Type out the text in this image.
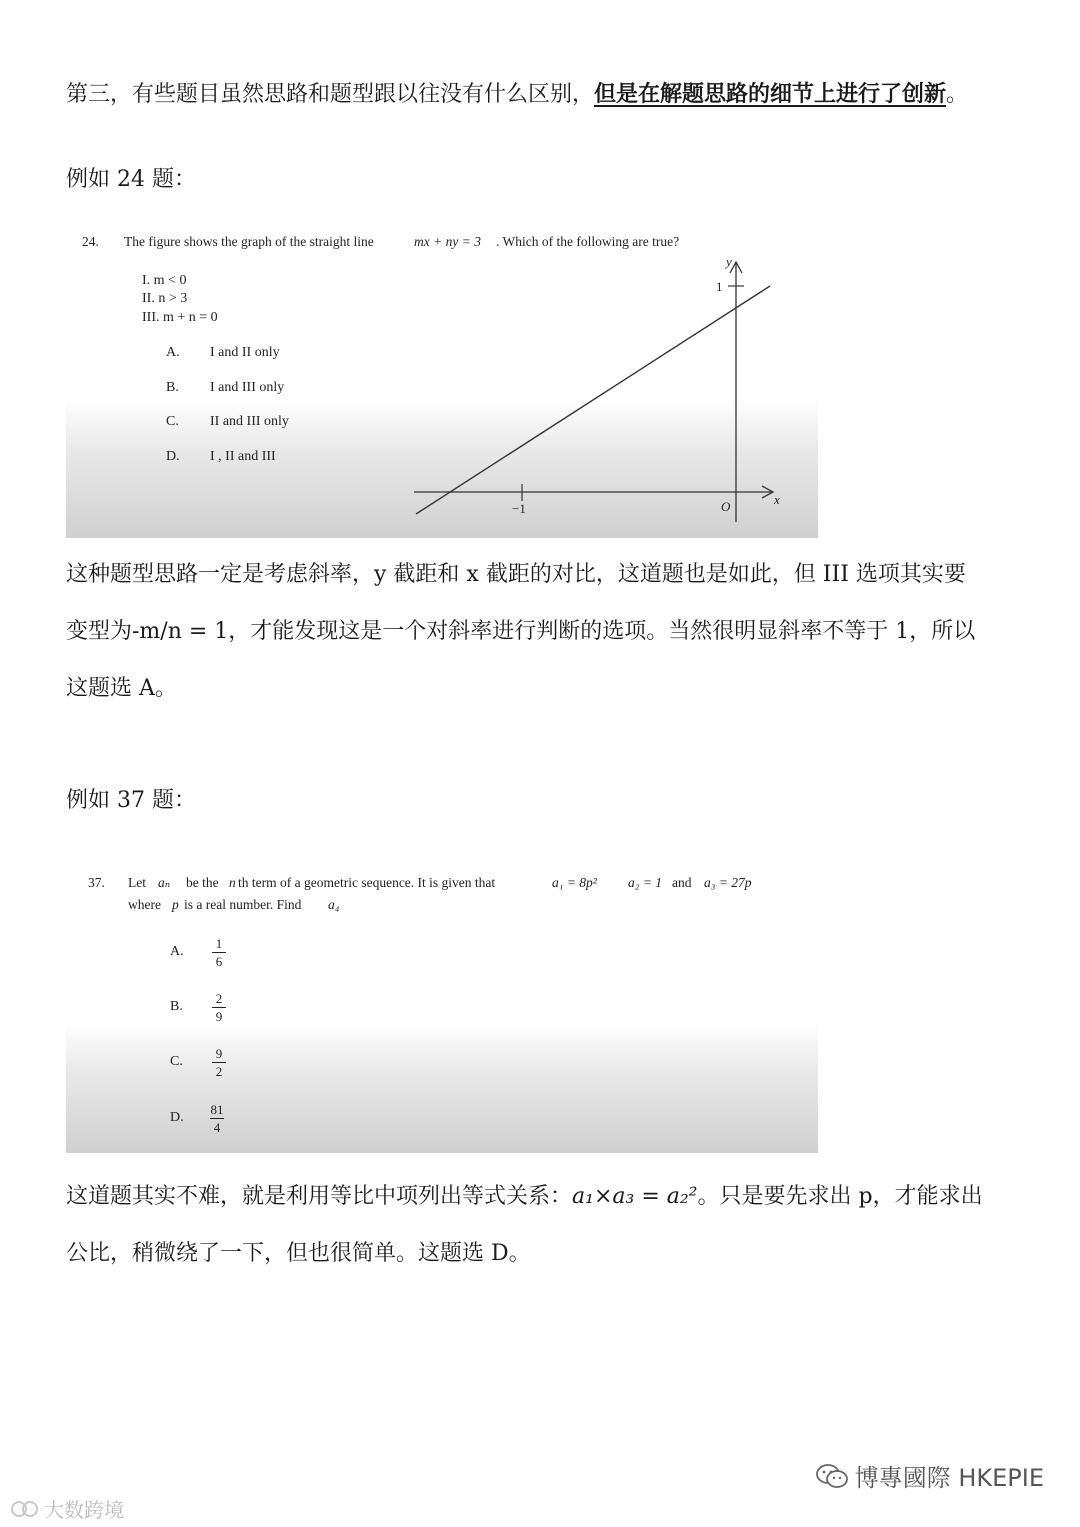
第三，有些题目虽然思路和题型跟以往没有什么区别，但是在解题思路的细节上进行了创新。

例如 24 题：

24. The figure shows the graph of the straight line	mx + ny = 3 . Which of the following are true?
I. m < 0
II. n > 3
III. m + n = 0
A. I and II only
B. I and III only
C. II and III only
D. I , II and III
y
x
1
−1	O

这种题型思路一定是考虑斜率，y 截距和 x 截距的对比，这道题也是如此，但 III 选项其实要

变型为-m/n = 1，才能发现这是一个对斜率进行判断的选项。当然很明显斜率不等于 1，所以

这题选 A。

例如 37 题：

37. Let aₙ be the n th term of a geometric sequence. It is given that	a₁ = 8p² a₂ = 1 and a₃ = 27p
where p is a real number. Find a₄
A.
1
6
B.
2
9
C.
9
2
D.
81
4

这道题其实不难，就是利用等比中项列出等式关系：a₁×a₃ = a₂²。只是要先求出 p，才能求出

公比，稍微绕了一下，但也很简单。这题选 D。

博專國際 HKEPIE
大数跨境
